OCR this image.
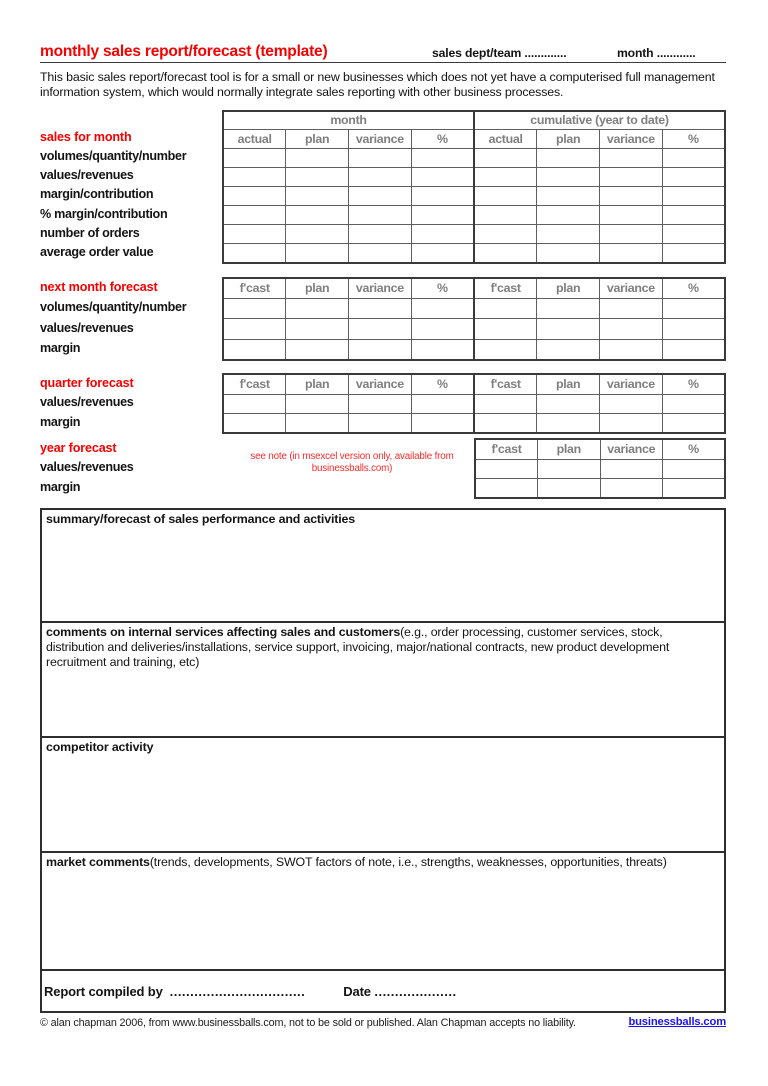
monthly sales report/forecast (template)	sales dept/team .............	month ............
This basic sales report/forecast tool is for a small or new businesses which does not yet have a computerised full management information system, which would normally integrate sales reporting with other business processes.
sales for month
volumes/quantity/number
values/revenues
margin/contribution
% margin/contribution
number of orders
average order value
month				cumulative (year to date)			
actual	plan	variance	%	actual	plan	variance	%

next month forecast
volumes/quantity/number
values/revenues
margin
f'cast	plan	variance	%	f'cast	plan	variance	%

quarter forecast
values/revenues
margin
f'cast	plan	variance	%	f'cast	plan	variance	%

year forecast
values/revenues
margin
see note (in msexcel version only, available from businessballs.com)
f'cast	plan	variance	%

summary/forecast of sales performance and activities
comments on internal services affecting sales and customers(e.g., order processing, customer services, stock, distribution and deliveries/installations, service support, invoicing, major/national contracts, new product development recruitment and training, etc)
competitor activity
market comments(trends, developments, SWOT factors of note, i.e., strengths, weaknesses, opportunities, threats)
Report compiled by
.................................	Date
....................
© alan chapman 2006, from www.businessballs.com, not to be sold or published. Alan Chapman accepts no liability.	businessballs.com
